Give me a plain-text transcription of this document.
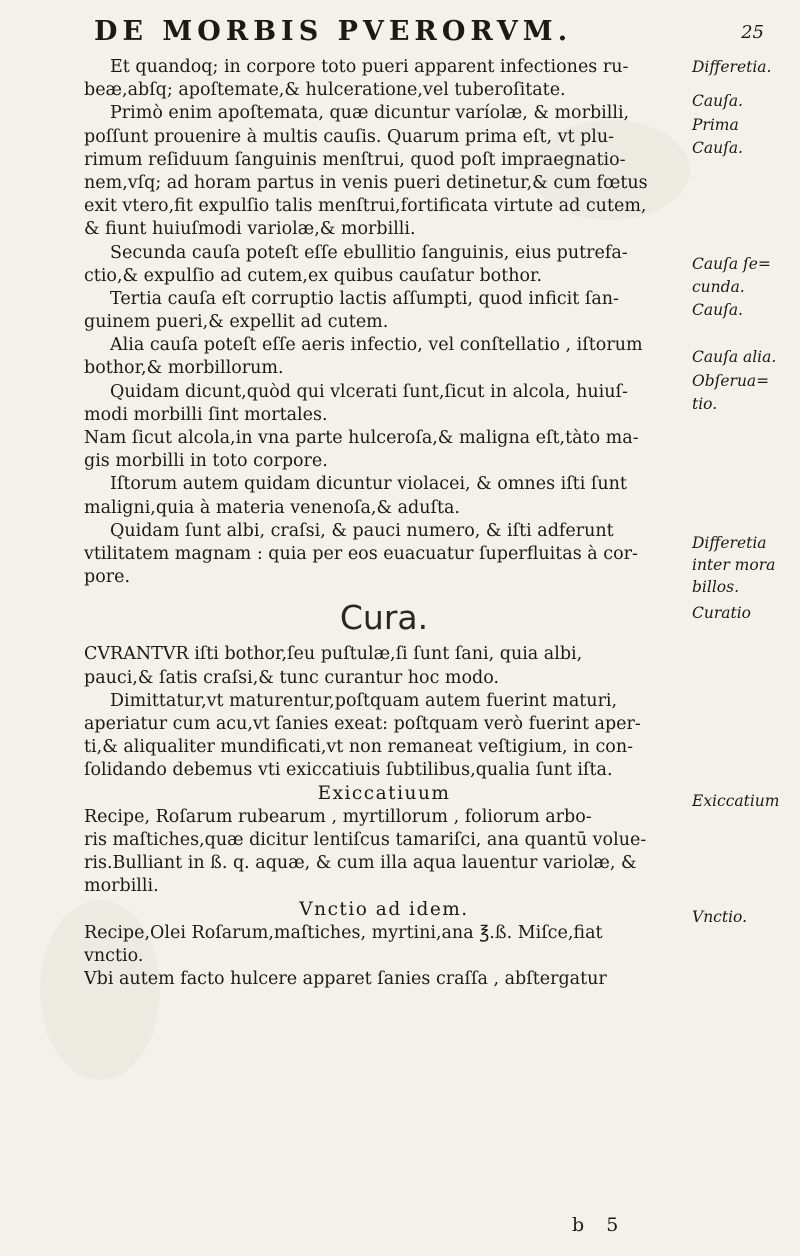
DE MORBIS PVERORVM.	25
Et quandoq; in corpore toto pueri apparent infectiones ru-
beæ,abſq; apoſtemate,& hulceratione,vel tuberoſitate.
Primò enim apoſtemata, quæ dicuntur varíolæ, & morbilli,
poſſunt prouenire à multis cauſis. Quarum prima eſt, vt plu-
rimum reſiduum ſanguinis menſtrui, quod poſt impraegnatio-
nem,vſq; ad horam partus in venis pueri detinetur,& cum fœtus
exit vtero,fit expulſio talis menſtrui,fortificata virtute ad cutem,
& fiunt huiuſmodi variolæ,& morbilli.
Secunda cauſa poteſt eſſe ebullitio ſanguinis, eius putrefa-
ctio,& expulſio ad cutem,ex quibus cauſatur bothor.
Tertia cauſa eſt corruptio lactis aſſumpti, quod inficit ſan-
guinem pueri,& expellit ad cutem.
Alia cauſa poteſt eſſe aeris infectio, vel conſtellatio , iſtorum
bothor,& morbillorum.
Quidam dicunt,quòd qui vlcerati ſunt,ſicut in alcola, huiuſ-
modi morbilli ſint mortales.
Nam ſicut alcola,in vna parte hulceroſa,& maligna eſt,tàto ma-
gis morbilli in toto corpore.
Iſtorum autem quidam dicuntur violacei, & omnes iſti ſunt
maligni,quia à materia venenoſa,& aduſta.
Quidam ſunt albi, craſsi, & pauci numero, & iſti adferunt
vtilitatem magnam : quia per eos euacuatur ſuperfluitas à cor-
pore.
Cura.
CVRANTVR iſti bothor,ſeu puſtulæ,ſi ſunt ſani, quia albi,
pauci,& ſatis craſsi,& tunc curantur hoc modo.
Dimittatur,vt maturentur,poſtquam autem fuerint maturi,
aperiatur cum acu,vt ſanies exeat: poſtquam verò fuerint aper-
ti,& aliqualiter mundificati,vt non remaneat veſtigium, in con-
ſolidando debemus vti exiccatiuis ſubtilibus,qualia ſunt iſta.
Exiccatiuum
Recipe, Roſarum rubearum , myrtillorum , foliorum arbo-
ris maſtiches,quæ dicitur lentiſcus tamariſci, ana quantū volue-
ris.Bulliant in ß. q. aquæ, & cum illa aqua lauentur variolæ, &
morbilli.
Vnctio ad idem.
Recipe,Olei Roſarum,maſtiches, myrtini,ana ℥.ß. Miſce,fiat
vnctio.
Vbi autem facto hulcere apparet ſanies craſſa , abſtergatur
Differetia.
Cauſa.
Prima
Cauſa.
Cauſa ſe=
cunda.
Cauſa.
Cauſa alia.
Obſerua=
tio.
Differetia
inter mora
billos.
Curatio
Exiccatium
Vnctio.
b 5
